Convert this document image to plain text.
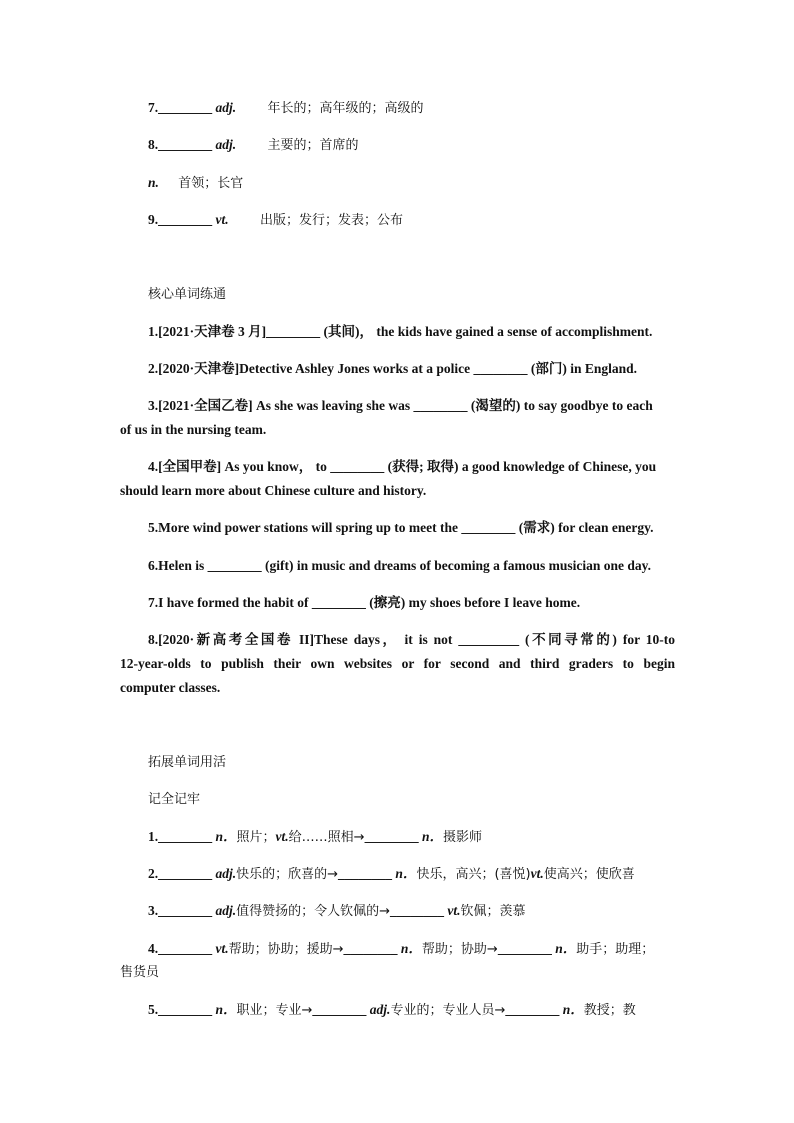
7.________ adj. 年长的；高年级的；高级的
8.________ adj. 主要的；首席的
n. 首领；长官
9.________ vt. 出版；发行；发表；公布
核心单词练通
1.[2021·天津卷 3 月]________ (其间)， the kids have gained a sense of accomplishment.
2.[2020·天津卷]Detective Ashley Jones works at a police ________ (部门) in England.
3.[2021·全国乙卷] As she was leaving she was ________ (渴望的) to say goodbye to each
of us in the nursing team.
4.[全国甲卷] As you know， to ________ (获得; 取得) a good knowledge of Chinese, you
should learn more about Chinese culture and history.
5.More wind power stations will spring up to meet the ________ (需求) for clean energy.
6.Helen is ________ (gift) in music and dreams of becoming a famous musician one day.
7.I have formed the habit of ________ (擦亮) my shoes before I leave home.
8.[2020·新高考全国卷 II]These days， it is not _________ (不同寻常的) for 10-to
12-year-olds to publish their own websites or for second and third graders to begin
computer classes.
拓展单词用活
记全记牢
1.________ n．照片；vt.给……照相→________ n．摄影师
2.________ adj.快乐的；欣喜的→________ n．快乐，高兴；(喜悦)vt.使高兴；使欣喜
3.________ adj.值得赞扬的；令人钦佩的→________ vt.钦佩；羡慕
4.________ vt.帮助；协助；援助→________ n．帮助；协助→________ n．助手；助理；
售货员
5.________ n．职业；专业→________ adj.专业的；专业人员→________ n．教授；教
